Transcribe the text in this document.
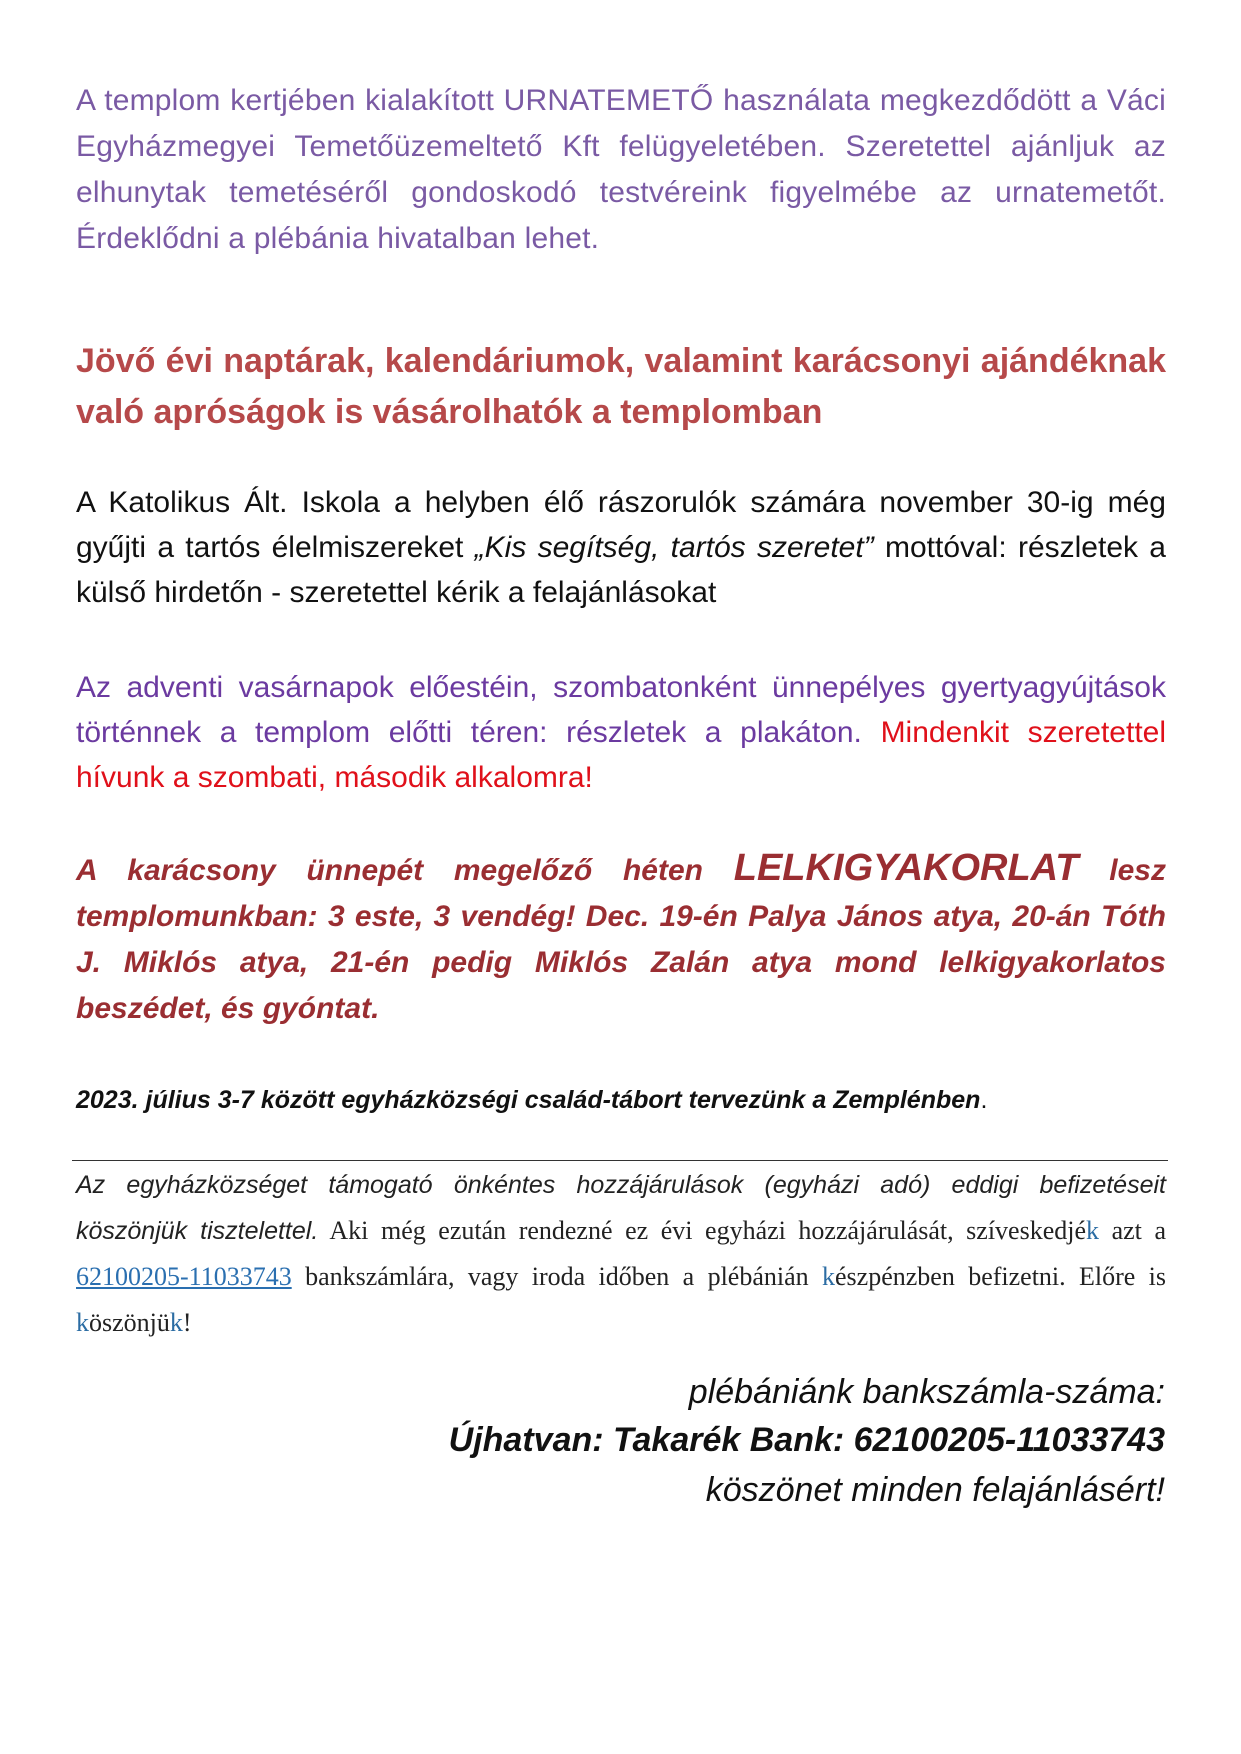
A templom kertjében kialakított URNATEMETŐ használata megkezdődött a Váci Egyházmegyei Temetőüzemeltető Kft felügyeletében. Szeretettel ajánljuk az elhunytak temetéséről gondoskodó testvéreink figyelmébe az urnatemetőt. Érdeklődni a plébánia hivatalban lehet.

Jövő évi naptárak, kalendáriumok, valamint karácsonyi ajándéknak való apróságok is vásárolhatók a templomban

A Katolikus Ált. Iskola a helyben élő rászorulók számára november 30-ig még gyűjti a tartós élelmiszereket „Kis segítség, tartós szeretet” mottóval: részletek a külső hirdetőn - szeretettel kérik a felajánlásokat

Az adventi vasárnapok előestéin, szombatonként ünnepélyes gyertyagyújtások történnek a templom előtti téren: részletek a plakáton. Mindenkit szeretettel hívunk a szombati, második alkalomra!

A karácsony ünnepét megelőző héten LELKIGYAKORLAT lesz templomunkban: 3 este, 3 vendég! Dec. 19-én Palya János atya, 20-án Tóth J. Miklós atya, 21-én pedig Miklós Zalán atya mond lelkigyakorlatos beszédet, és gyóntat.

2023. július 3-7 között egyházközségi család-tábort tervezünk a Zemplénben.

Az egyházközséget támogató önkéntes hozzájárulások (egyházi adó) eddigi befizetéseit köszönjük tisztelettel. Aki még ezután rendezné ez évi egyházi hozzájárulását, szíveskedjék azt a 62100205-11033743 bankszámlára, vagy iroda időben a plébánián készpénzben befizetni. Előre is köszönjük!

plébániánk bankszámla-száma:
Újhatvan: Takarék Bank: 62100205-11033743
köszönet minden felajánlásért!
